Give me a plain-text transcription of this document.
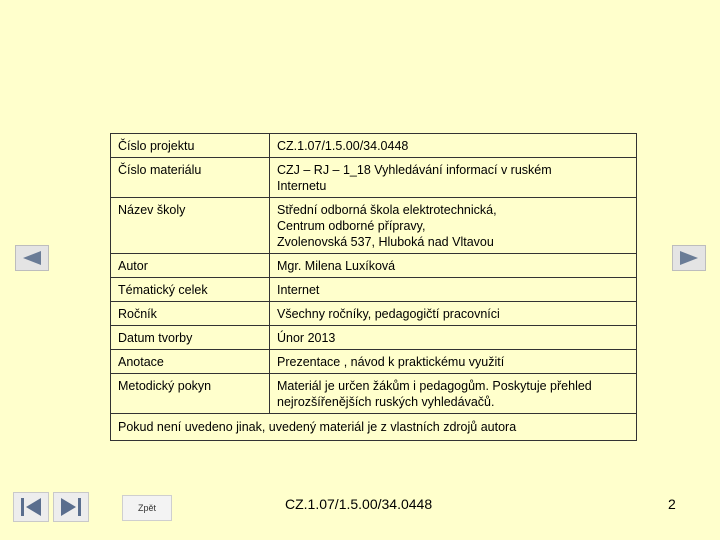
Číslo projektu	CZ.1.07/1.5.00/34.0448
Číslo materiálu	CZJ – RJ – 1_18 Vyhledávání informací v ruském
Internetu
Název školy	Střední odborná škola elektrotechnická,
Centrum odborné přípravy,
Zvolenovská 537, Hluboká nad Vltavou
Autor	Mgr. Milena Luxíková
Tématický celek	Internet
Ročník	Všechny ročníky, pedagogičtí pracovníci
Datum tvorby	Únor 2013
Anotace	Prezentace , návod k praktickému využití
Metodický pokyn	Materiál je určen žákům i pedagogům. Poskytuje přehled
nejrozšířenějších ruských vyhledávačů.
Pokud není uvedeno jinak, uvedený materiál je z vlastních zdrojů autora	
Zpět	CZ.1.07/1.5.00/34.0448	2
